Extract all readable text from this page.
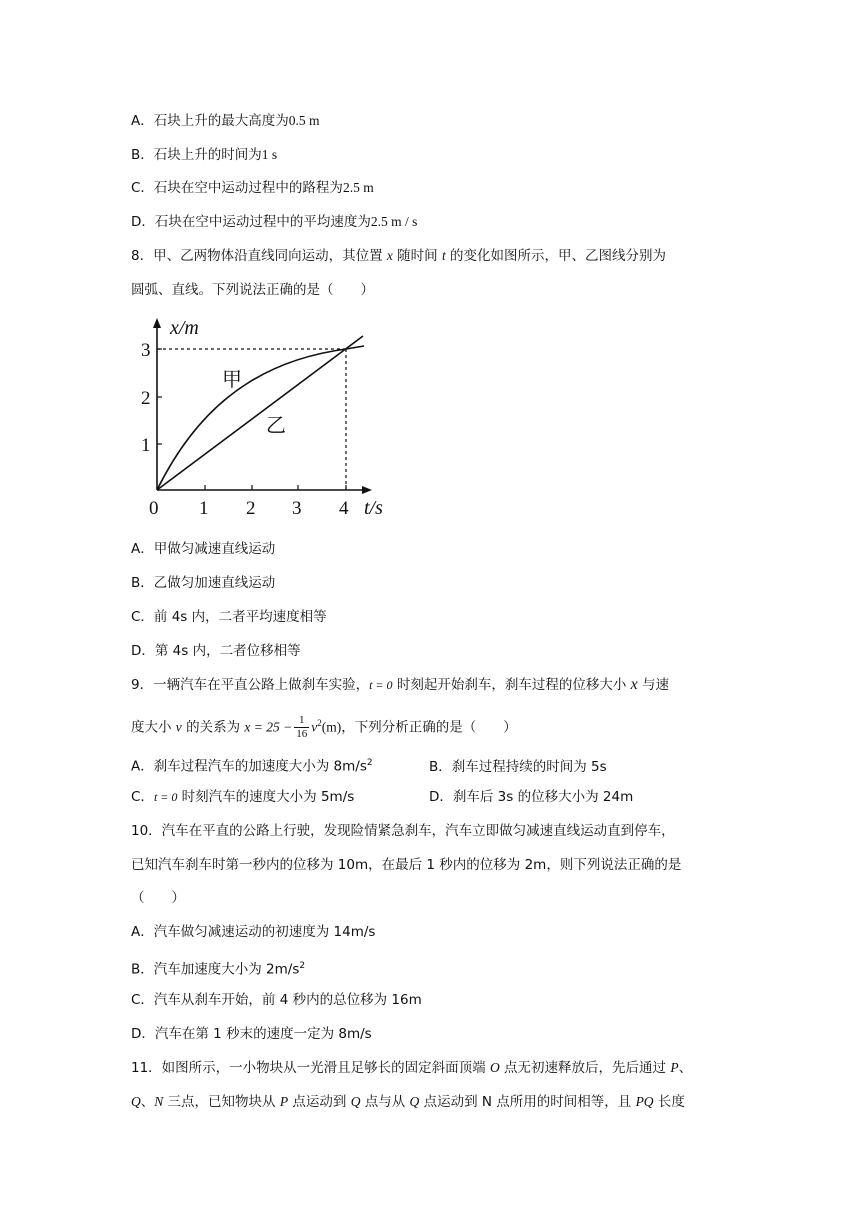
A．石块上升的最大高度为0.5 m
B．石块上升的时间为1 s
C．石块在空中运动过程中的路程为2.5 m
D．石块在空中运动过程中的平均速度为2.5 m / s
8．甲、乙两物体沿直线同向运动，其位置 x 随时间 t 的变化如图所示，甲、乙图线分别为
圆弧、直线。下列说法正确的是（　　）
x/m
t/s
1
2
3
0 1 2 3 4
甲
乙
A．甲做匀减速直线运动
B．乙做匀加速直线运动
C．前 4s 内，二者平均速度相等
D．第 4s 内，二者位移相等
9．一辆汽车在平直公路上做刹车实验，t = 0 时刻起开始刹车，刹车过程的位移大小 x 与速
度大小 v 的关系为 $x = 25 - \frac{1}{16} v^2(m)$，下列分析正确的是（　　）
A．刹车过程汽车的加速度大小为 $8m/s^2$	B．刹车过程持续的时间为 5s
C．t = 0 时刻汽车的速度大小为 5m/s	D．刹车后 3s 的位移大小为 24m
10．汽车在平直的公路上行驶，发现险情紧急刹车，汽车立即做匀减速直线运动直到停车，
已知汽车刹车时第一秒内的位移为 10m，在最后 1 秒内的位移为 2m，则下列说法正确的是
（　　）
A．汽车做匀减速运动的初速度为 14m/s
B．汽车加速度大小为 $2m/s^2$
C．汽车从刹车开始，前 4 秒内的总位移为 16m
D．汽车在第 1 秒末的速度一定为 8m/s
11．如图所示，一小物块从一光滑且足够长的固定斜面顶端 O 点无初速释放后，先后通过 P、
Q、N 三点，已知物块从 P 点运动到 Q 点与从 Q 点运动到 N 点所用的时间相等，且 PQ 长度
